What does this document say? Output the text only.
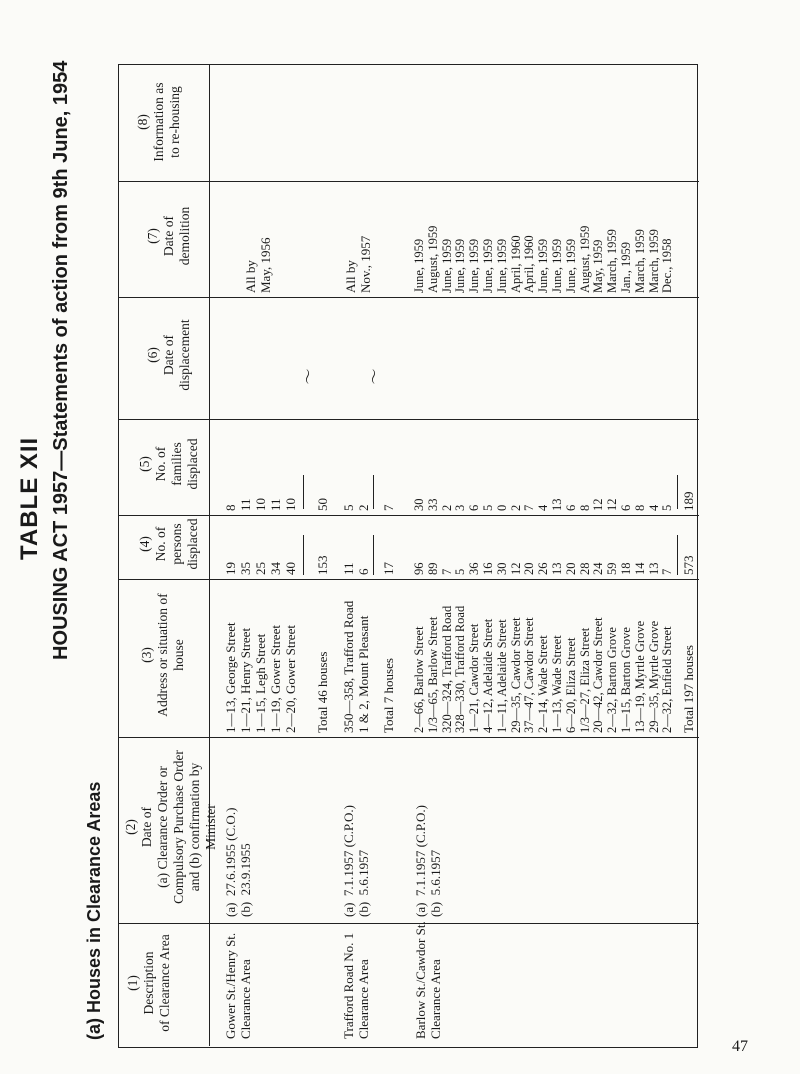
TABLE XII HOUSING ACT 1957—Statements of action from 9th June, 1954
(a) Houses in Clearance Areas (1)
Description
of Clearance Area
(2)
Date of
(a) Clearance Order or
Compulsory Purchase Order
and (b) confirmation by
Minister
(3)
Address or situation of
house
(4)
No. of
persons
displaced
(5)
No. of
families
displaced
(6)
Date of
displacement
(7)
Date of
demolition
(8)
Information as
to re-housing
Gower St./Henry St.
Clearance Area
(a)  27.6.1955 (C.O.)
(b)  23.9.1955
1—13, George Street
1—21, Henry Street
1—15, Legh Street
1—19, Gower Street
2—20, Gower Street
19
35
25
34
40
8
11
10
11
10
Total 46 houses
153
50
All by
May, 1956
Trafford Road No. 1
Clearance Area
(a)  7.1.1957 (C.P.O.)
(b)  5.6.1957
350—358, Trafford Road
1 & 2, Mount Pleasant
11
6
5
2
Total 7 houses
17
7
All by
Nov., 1957
Barlow St./Cawdor St.
Clearance Area
(a)  7.1.1957 (C.P.O.)
(b)  5.6.1957
2—66, Barlow Street
1/3—65, Barlow Street
320—324, Trafford Road
328—330, Trafford Road
1—21, Cawdor Street
4—12, Adelaide Street
1—11, Adelaide Street
29—35, Cawdor Street
37—47, Cawdor Street
2—14, Wade Street
1—13, Wade Street
6—20, Eliza Street
1/3—27, Eliza Street
20—42, Cawdor Street
2—32, Barton Grove
1—15, Barton Grove
13—19, Myrtle Grove
29—35, Myrtle Grove
2—32, Enfield Street
96
89
7
5
36
16
30
12
20
26
13
20
28
24
59
18
14
13
7
30
33
2
3
6
5
0
2
7
4
13
6
8
12
12
6
8
4
5
Total 197 houses
573
189
June, 1959
August, 1959
June, 1959
June, 1959
June, 1959
June, 1959
June, 1959
April, 1960
April, 1960
June, 1959
June, 1959
June, 1959
August, 1959
May, 1959
March, 1959
Jan., 1959
March, 1959
March, 1959
Dec., 1958
〜	〜
47
